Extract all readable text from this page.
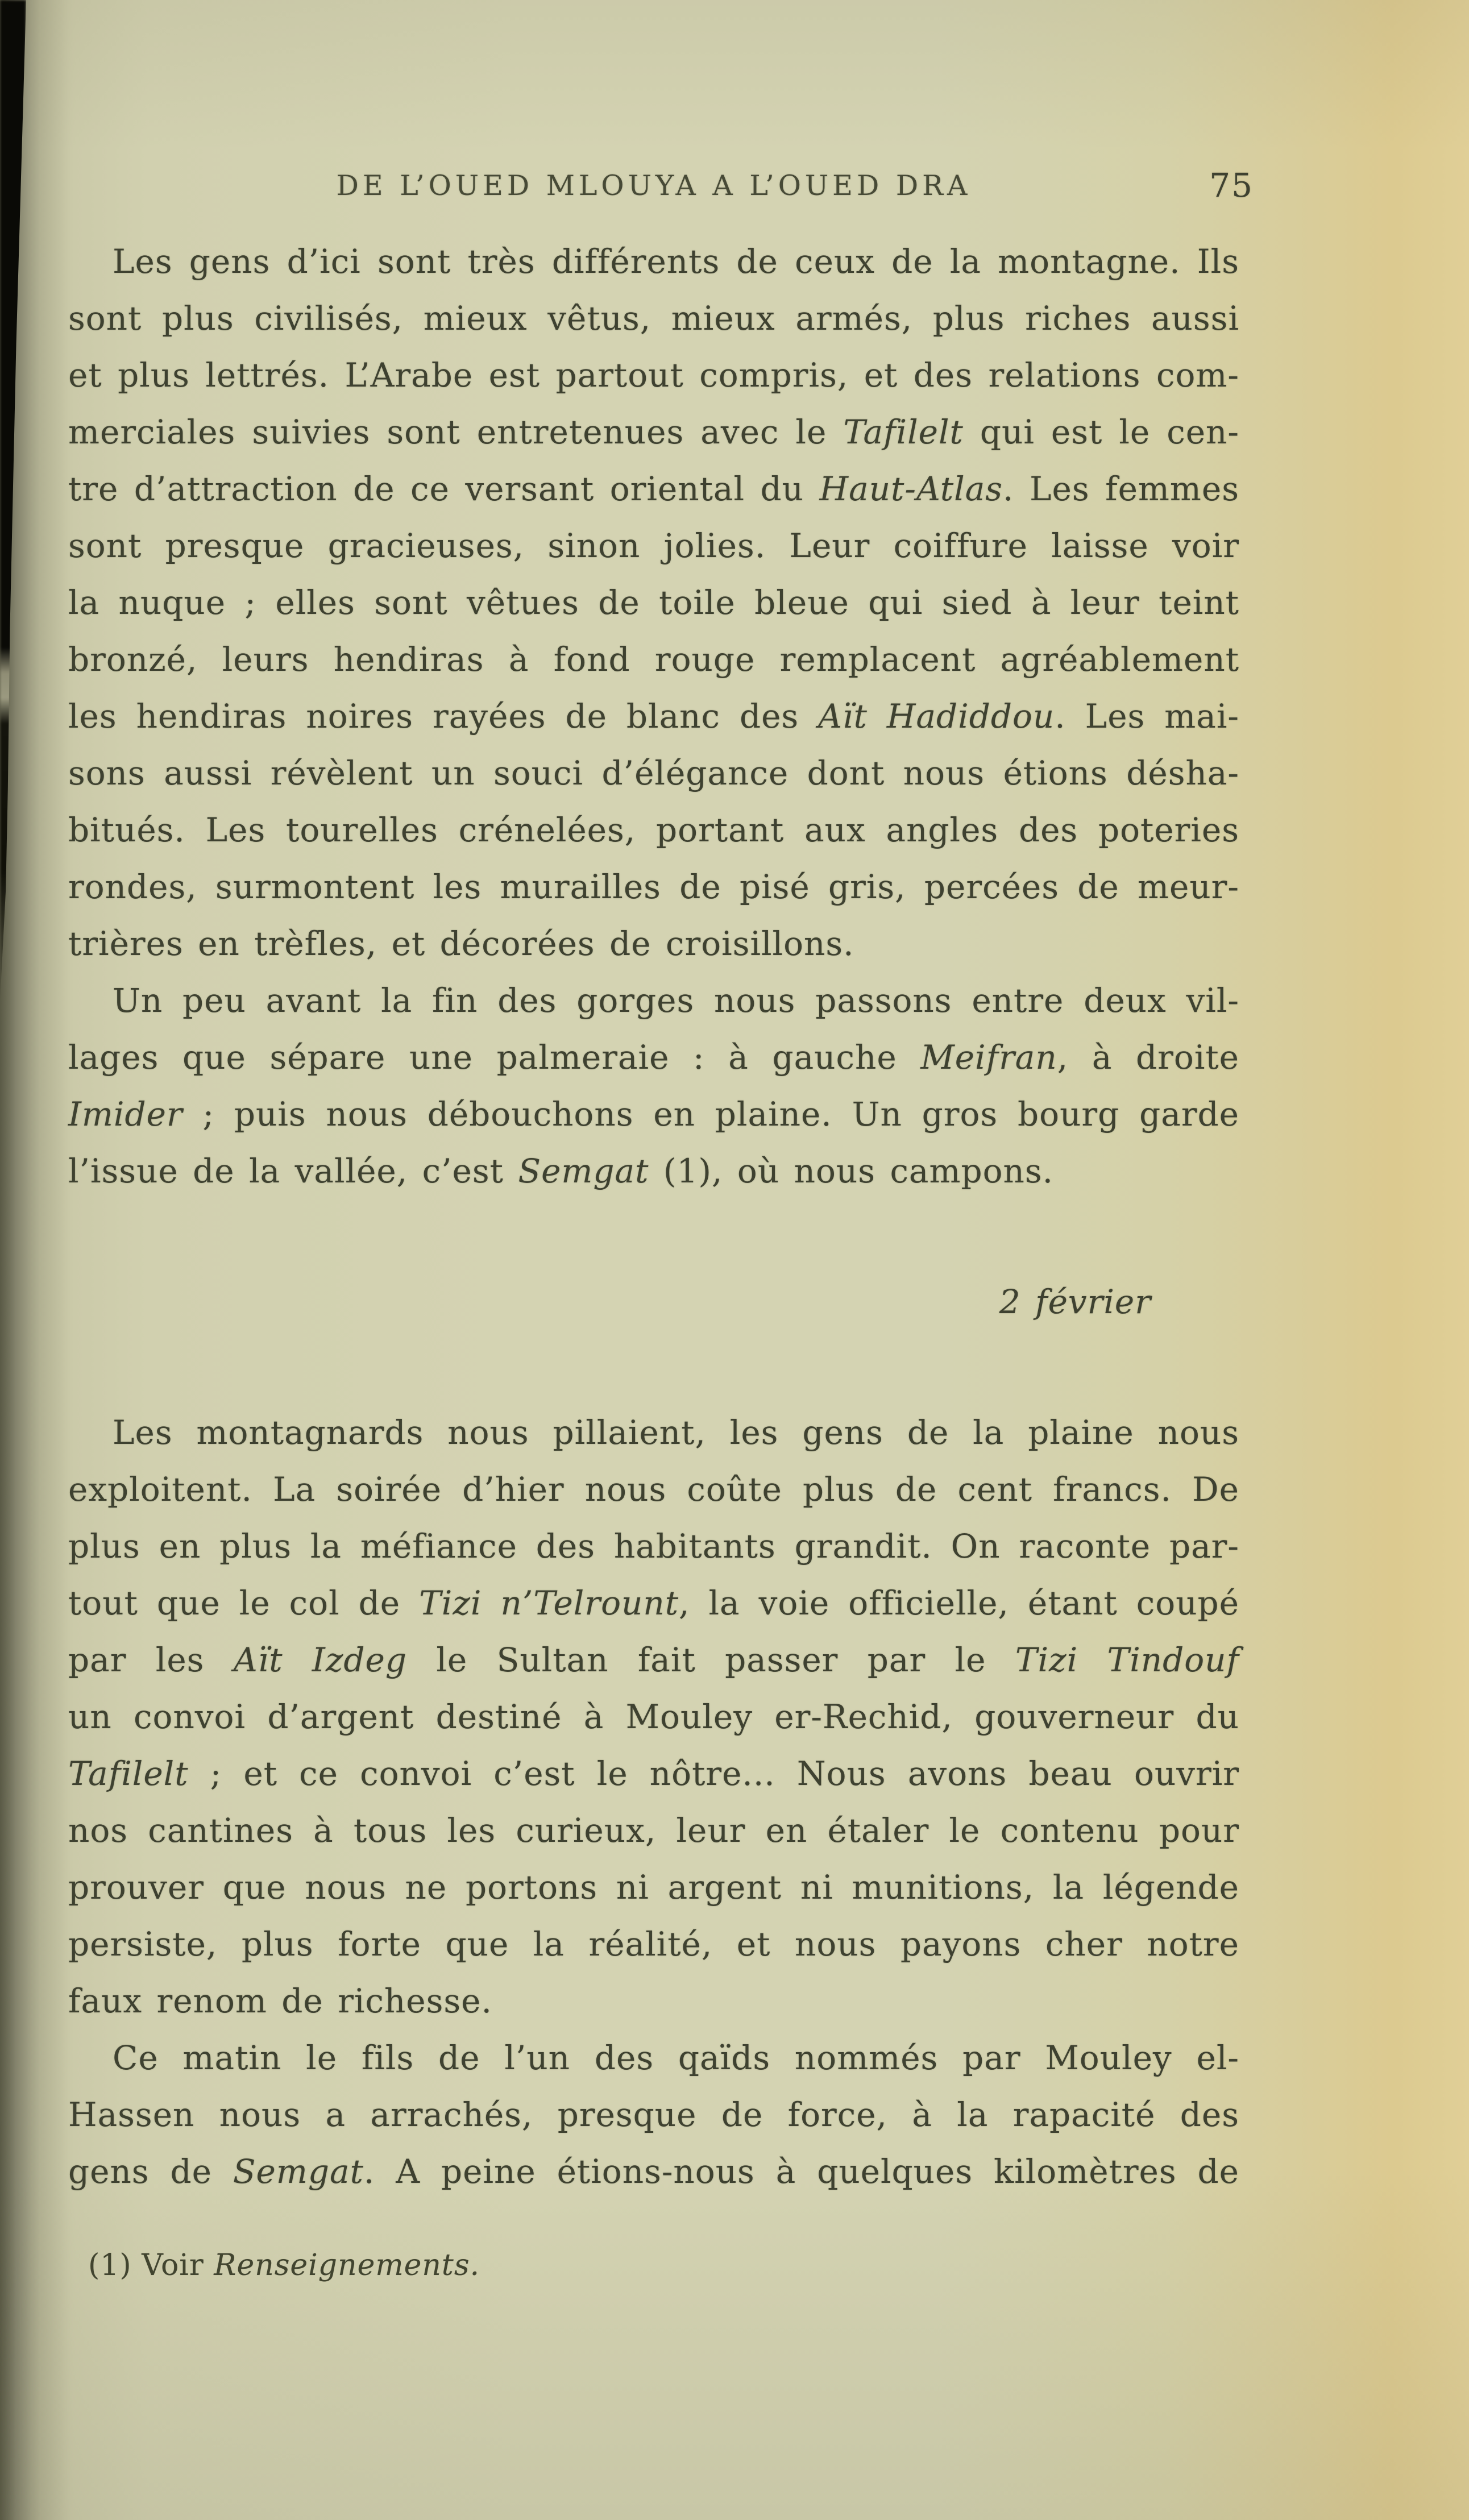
DE L’OUED MLOUYA A L’OUED DRA	75
Les gens d’ici sont très différents de ceux de la montagne. Ils
sont plus civilisés, mieux vêtus, mieux armés, plus riches aussi
et plus lettrés. L’Arabe est partout compris, et des relations com-
merciales suivies sont entretenues avec le Tafilelt qui est le cen-
tre d’attraction de ce versant oriental du Haut-Atlas. Les femmes
sont presque gracieuses, sinon jolies. Leur coiffure laisse voir
la nuque ; elles sont vêtues de toile bleue qui sied à leur teint
bronzé, leurs hendiras à fond rouge remplacent agréablement
les hendiras noires rayées de blanc des Aït Hadiddou. Les mai-
sons aussi révèlent un souci d’élégance dont nous étions désha-
bitués. Les tourelles crénelées, portant aux angles des poteries
rondes, surmontent les murailles de pisé gris, percées de meur-
trières en trèfles, et décorées de croisillons.
Un peu avant la fin des gorges nous passons entre deux vil-
lages que sépare une palmeraie : à gauche Meifran, à droite
Imider ; puis nous débouchons en plaine. Un gros bourg garde
l’issue de la vallée, c’est Semgat (1), où nous campons.
2 février
Les montagnards nous pillaient, les gens de la plaine nous
exploitent. La soirée d’hier nous coûte plus de cent francs. De
plus en plus la méfiance des habitants grandit. On raconte par-
tout que le col de Tizi n’Telrount, la voie officielle, étant coupé
par les Aït Izdeg le Sultan fait passer par le Tizi Tindouf
un convoi d’argent destiné à Mouley er-Rechid, gouverneur du
Tafilelt ; et ce convoi c’est le nôtre... Nous avons beau ouvrir
nos cantines à tous les curieux, leur en étaler le contenu pour
prouver que nous ne portons ni argent ni munitions, la légende
persiste, plus forte que la réalité, et nous payons cher notre
faux renom de richesse.
Ce matin le fils de l’un des qaïds nommés par Mouley el-
Hassen nous a arrachés, presque de force, à la rapacité des
gens de Semgat. A peine étions-nous à quelques kilomètres de
(1) Voir Renseignements.
